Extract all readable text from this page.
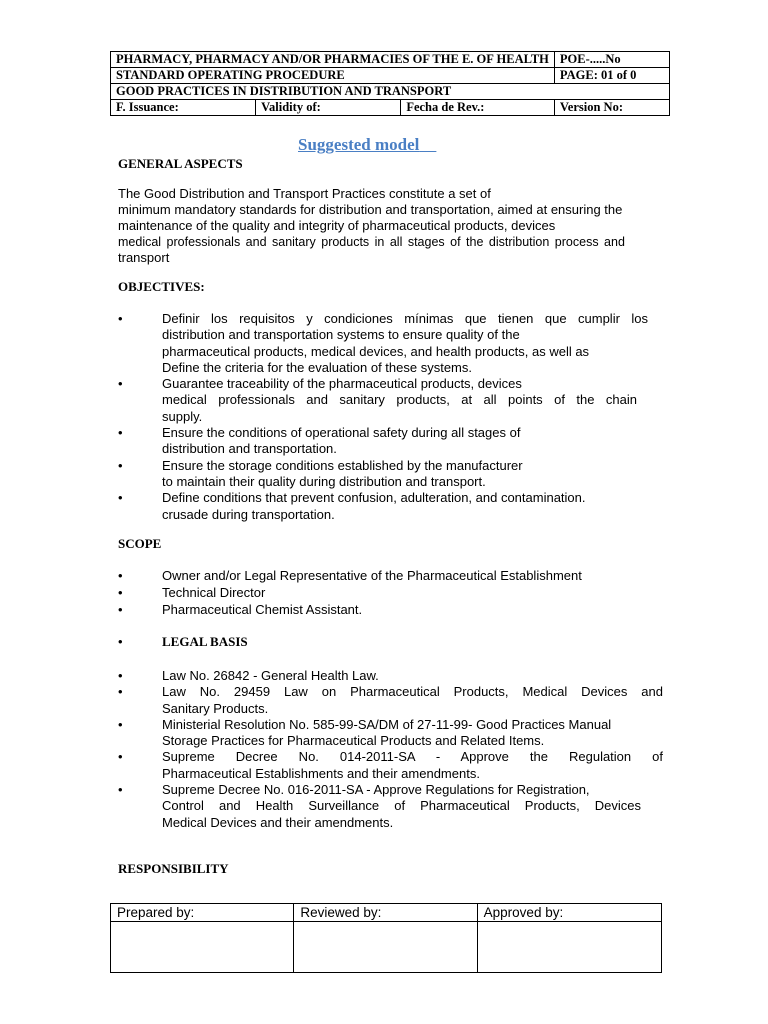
PHARMACY, PHARMACY AND/OR PHARMACIES OF THE E. OF HEALTH			POE-.....No
STANDARD OPERATING PROCEDURE			PAGE: 01 of 0
GOOD PRACTICES IN DISTRIBUTION AND TRANSPORT			
F. Issuance:	Validity of:	Fecha de Rev.:	Version No:
Suggested model
GENERAL ASPECTS
The Good Distribution and Transport Practices constitute a set of
minimum mandatory standards for distribution and transportation, aimed at ensuring the
maintenance of the quality and integrity of pharmaceutical products, devices
medical professionals and sanitary products in all stages of the distribution process and
transport
OBJECTIVES:
•	Definir los requisitos y condiciones mínimas que tienen que cumplir los
distribution and transportation systems to ensure quality of the
pharmaceutical products, medical devices, and health products, as well as
Define the criteria for the evaluation of these systems.
•	Guarantee traceability of the pharmaceutical products, devices
medical professionals and sanitary products, at all points of the chain
supply.
•	Ensure the conditions of operational safety during all stages of
distribution and transportation.
•	Ensure the storage conditions established by the manufacturer
to maintain their quality during distribution and transport.
•	Define conditions that prevent confusion, adulteration, and contamination.
crusade during transportation.
SCOPE
•	Owner and/or Legal Representative of the Pharmaceutical Establishment
•	Technical Director
•	Pharmaceutical Chemist Assistant.
•	LEGAL BASIS
•	Law No. 26842 - General Health Law.
•	Law No. 29459 Law on Pharmaceutical Products, Medical Devices and
Sanitary Products.
•	Ministerial Resolution No. 585-99-SA/DM of 27-11-99- Good Practices Manual
Storage Practices for Pharmaceutical Products and Related Items.
•	Supreme Decree No. 014-2011-SA - Approve the Regulation of
Pharmaceutical Establishments and their amendments.
•	Supreme Decree No. 016-2011-SA - Approve Regulations for Registration,
Control and Health Surveillance of Pharmaceutical Products, Devices
Medical Devices and their amendments.
RESPONSIBILITY
Prepared by:	Reviewed by:	Approved by:
